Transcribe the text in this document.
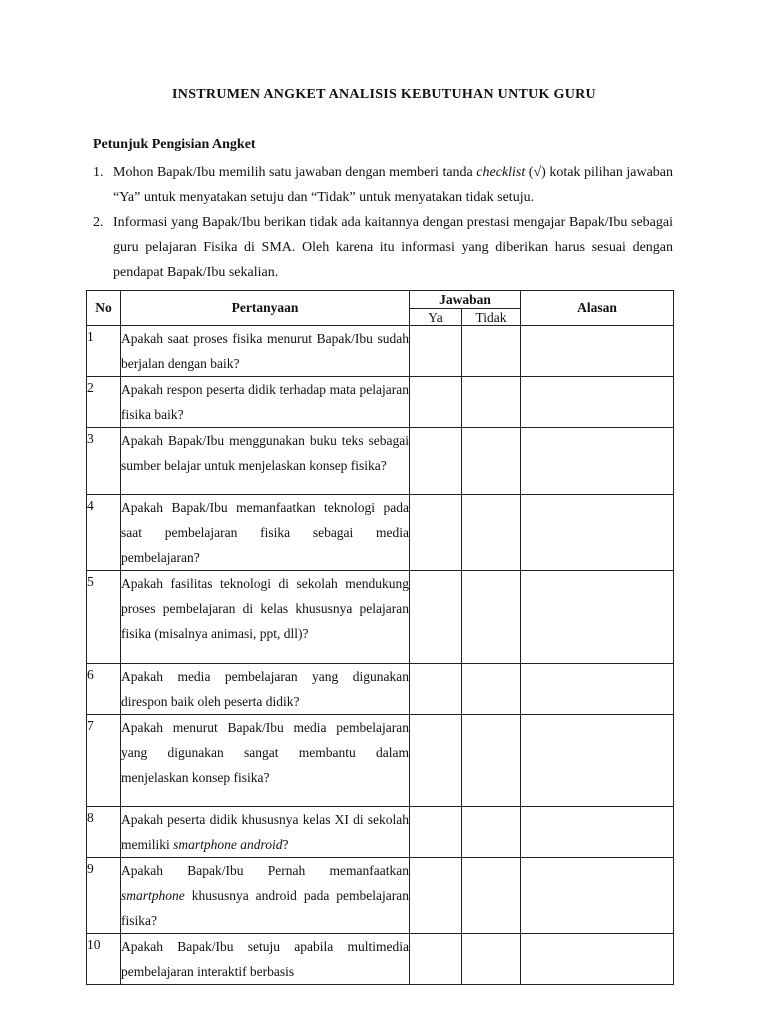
INSTRUMEN ANGKET ANALISIS KEBUTUHAN UNTUK GURU
Petunjuk Pengisian Angket
1. Mohon Bapak/Ibu memilih satu jawaban dengan memberi tanda checklist (√) kotak pilihan jawaban “Ya” untuk menyatakan setuju dan “Tidak” untuk menyatakan tidak setuju.
2. Informasi yang Bapak/Ibu berikan tidak ada kaitannya dengan prestasi mengajar Bapak/Ibu sebagai guru pelajaran Fisika di SMA. Oleh karena itu informasi yang diberikan harus sesuai dengan pendapat Bapak/Ibu sekalian.
No	Pertanyaan	Jawaban		Alasan
		Ya	Tidak	
1	Apakah saat proses fisika menurut Bapak/Ibu sudah berjalan dengan baik?			
2	Apakah respon peserta didik terhadap mata pelajaran fisika baik?			
3	Apakah Bapak/Ibu menggunakan buku teks sebagai sumber belajar untuk menjelaskan konsep fisika?			
4	Apakah Bapak/Ibu memanfaatkan teknologi pada saat pembelajaran fisika sebagai media pembelajaran?			
5	Apakah fasilitas teknologi di sekolah mendukung proses pembelajaran di kelas khususnya pelajaran fisika (misalnya animasi, ppt, dll)?			
6	Apakah media pembelajaran yang digunakan direspon baik oleh peserta didik?			
7	Apakah menurut Bapak/Ibu media pembelajaran yang digunakan sangat membantu dalam menjelaskan konsep fisika?			
8	Apakah peserta didik khususnya kelas XI di sekolah memiliki smartphone android?			
9	Apakah Bapak/Ibu Pernah memanfaatkan smartphone khususnya android pada pembelajaran fisika?			
10	Apakah Bapak/Ibu setuju apabila multimedia pembelajaran interaktif berbasis			
